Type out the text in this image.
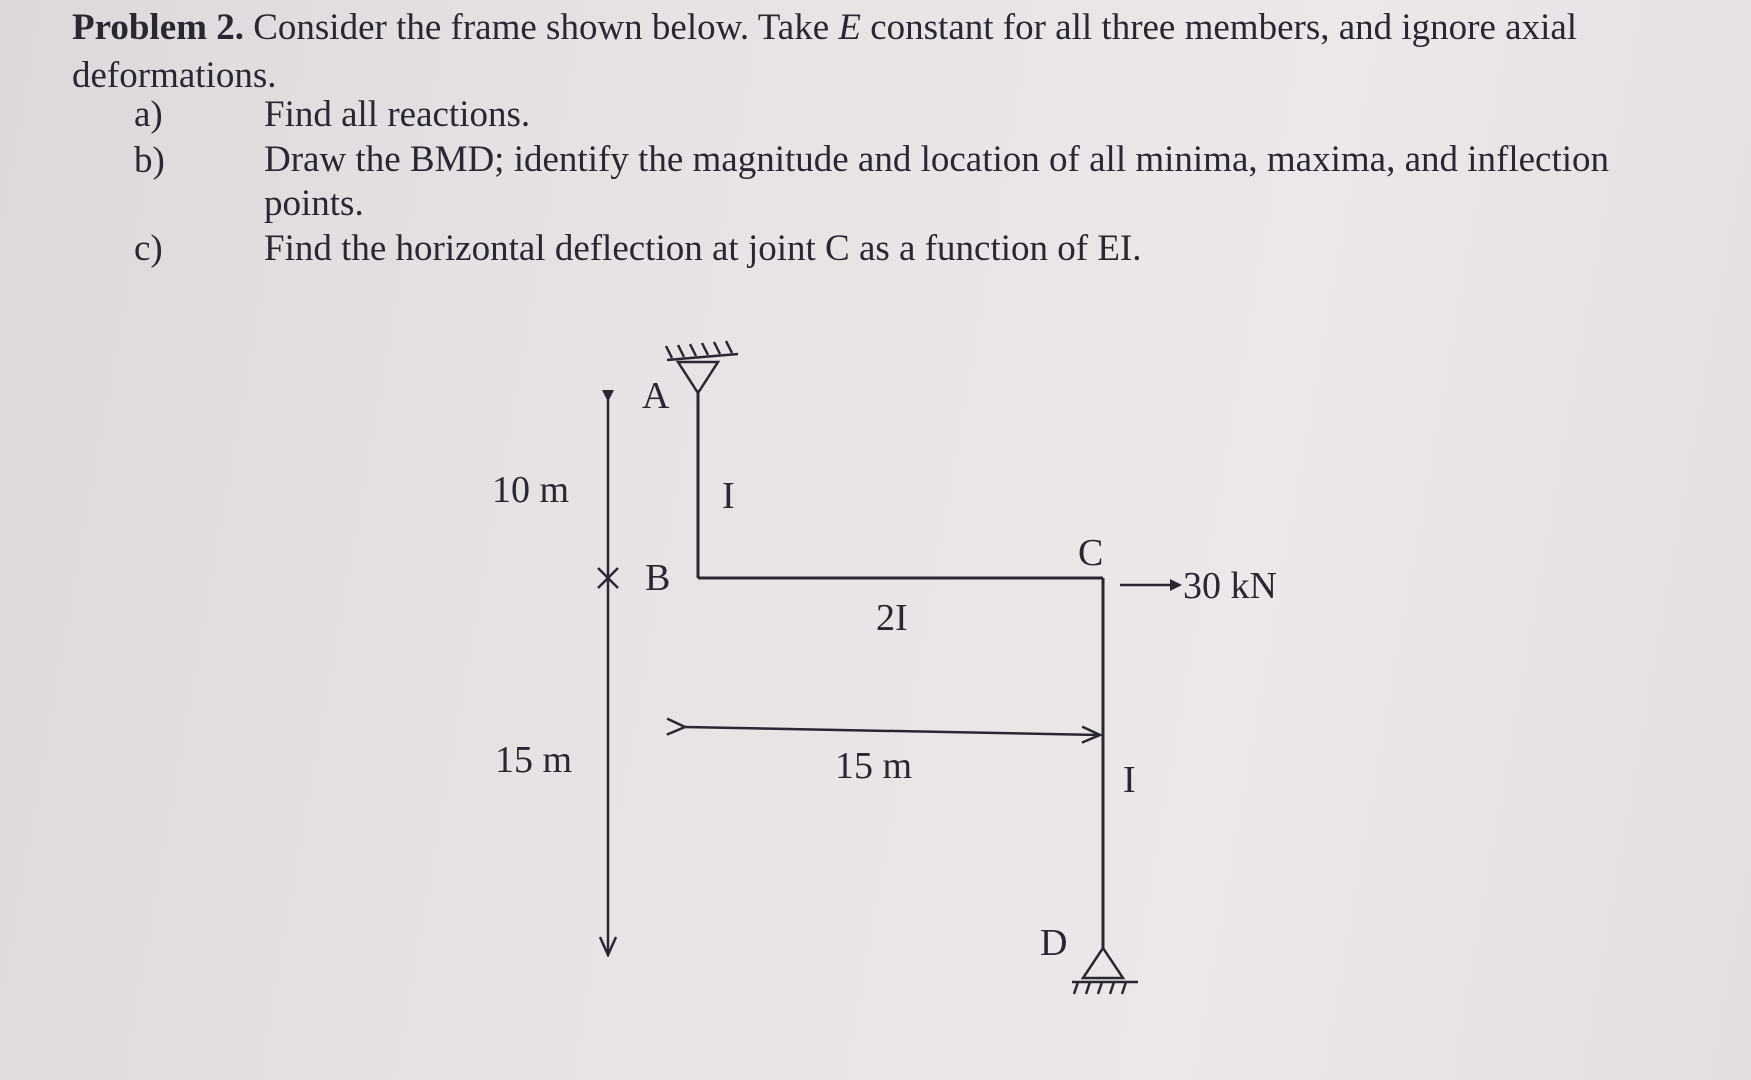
Problem 2. Consider the frame shown below. Take E constant for all three members, and ignore axial
deformations.
a)	Find all reactions.
b)	Draw the BMD; identify the magnitude and location of all minima, maxima, and inflection
points.
c)	Find the horizontal deflection at joint C as a function of EI.
A
B
C
D
10 m
15 m	15 m
I
2I
I
30 kN
